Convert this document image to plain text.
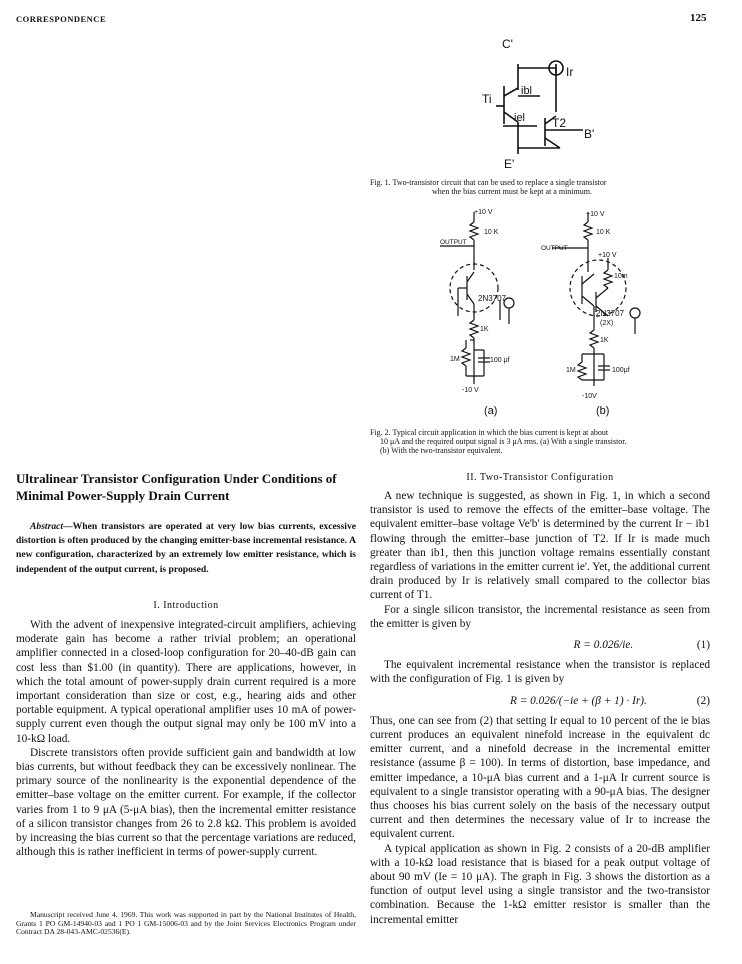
CORRESPONDENCE	125
C'
Ir
ibl
Ti
iel T2
B'
E'
Fig. 1. Two-transistor circuit that can be used to replace a single transistor
when the bias current must be kept at a minimum.
+10 V
10 K
OUTPUT
2N3707
1K
1M	100 μf
-10 V
(a)
+10 V
10 K
OUTPUT
+10 V
10m
2N3707
(2X)
1K
1M	100μf
-10V
(b)
Fig. 2. Typical circuit application in which the bias current is kept at about
10 μA and the required output signal is 3 μA rms. (a) With a single transistor.
(b) With the two-transistor equivalent.
Ultralinear Transistor Configuration Under Conditions of Minimal Power-Supply Drain Current
Abstract—When transistors are operated at very low bias currents, excessive distortion is often produced by the changing emitter-base incremental resistance. A new configuration, characterized by an extremely low emitter resistance, which is independent of the output current, is proposed.
I. Introduction

With the advent of inexpensive integrated-circuit amplifiers, achieving moderate gain has become a rather trivial problem; an operational amplifier connected in a closed-loop configuration for 20–40-dB gain can cost less than $1.00 (in quantity). There are applications, however, in which the total amount of power-supply drain current required is a more important consideration than size or cost, e.g., hearing aids and other portable equipment. A typical operational amplifier uses 10 mA of power-supply current even though the output signal may only be 100 mV into a 10-kΩ load.

Discrete transistors often provide sufficient gain and bandwidth at low bias currents, but without feedback they can be excessively nonlinear. The primary source of the nonlinearity is the exponential dependence of the emitter–base voltage on the emitter current. For example, if the collector varies from 1 to 9 μA (5-μA bias), then the incremental emitter resistance of a silicon transistor changes from 26 to 2.8 kΩ. This problem is avoided by increasing the bias current so that the percentage variations are reduced, although this is rather inefficient in terms of power-supply current.

Manuscript received June 4, 1969. This work was supported in part by the National Institutes of Health, Grants 1 PO GM-14940-03 and 1 PO 1 GM-15006-03 and by the Joint Services Electronics Program under Contract DA 28-043-AMC-02536(E).
II. Two-Transistor Configuration

A new technique is suggested, as shown in Fig. 1, in which a second transistor is used to remove the effects of the emitter–base voltage. The equivalent emitter–base voltage Ve'b' is determined by the current Ir − ib1 flowing through the emitter–base junction of T2. If Ir is made much greater than ib1, then this junction voltage remains essentially constant regardless of variations in the emitter current ie'. Yet, the additional current drain produced by Ir is relatively small compared to the collector bias current of T1.

For a single silicon transistor, the incremental resistance as seen from the emitter is given by

R = 0.026/ie.	(1)

The equivalent incremental resistance when the transistor is replaced with the configuration of Fig. 1 is given by

R = 0.026/(−ie + (β + 1) · Ir).	(2)

Thus, one can see from (2) that setting Ir equal to 10 percent of the ie bias current produces an equivalent ninefold increase in the equivalent dc emitter current, and a ninefold decrease in the incremental emitter resistance (assume β = 100). In terms of distortion, base impedance, and emitter impedance, a 10-μA bias current and a 1-μA Ir current source is equivalent to a single transistor operating with a 90-μA bias. The designer thus chooses his bias current solely on the basis of the necessary output current and then determines the necessary value of Ir to increase the equivalent current.

A typical application as shown in Fig. 2 consists of a 20-dB amplifier with a 10-kΩ load resistance that is biased for a peak output voltage of about 90 mV (Ie = 10 μA). The graph in Fig. 3 shows the distortion as a function of output level using a single transistor and the two-transistor combination. Because the 1-kΩ emitter resistor is smaller than the incremental emitter
